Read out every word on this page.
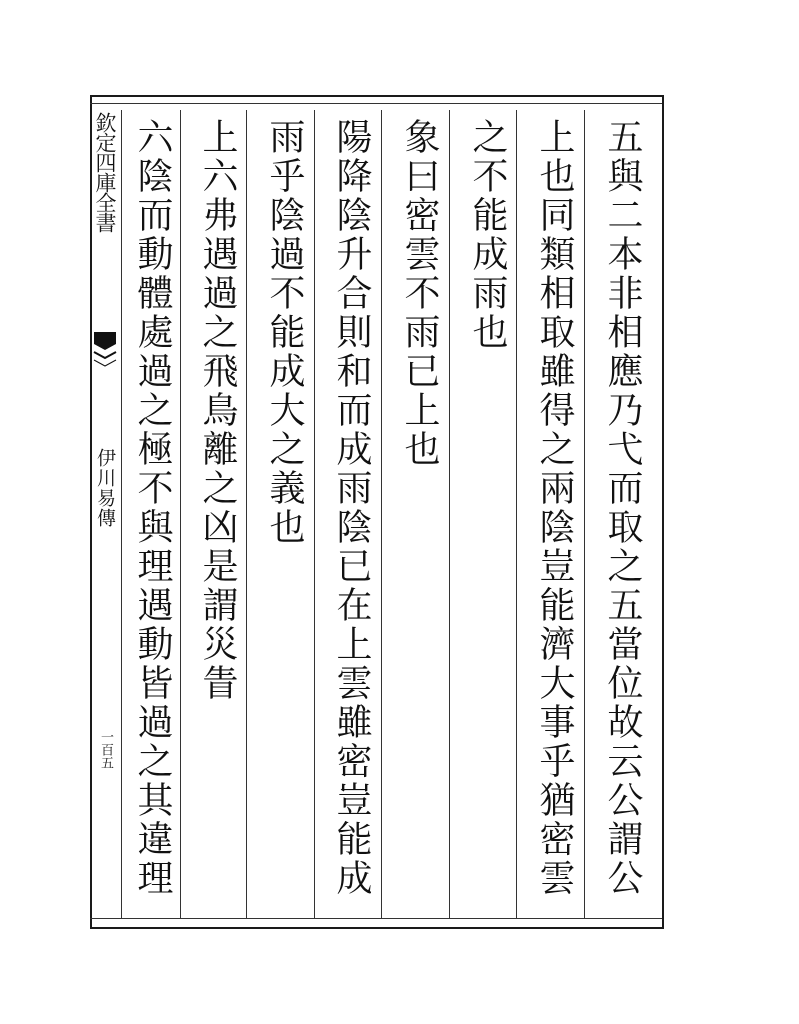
欽定四庫全書
伊川易傳
一百五	五與二本非相應乃弋而取之五當位故云公謂公
上也同類相取雖得之兩陰豈能濟大事乎猶密雲
之不能成雨也
象曰密雲不雨已上也
陽降陰升合則和而成雨陰已在上雲雖密豈能成
雨乎陰過不能成大之義也
上六弗遇過之飛鳥離之凶是謂災眚
六陰而動體處過之極不與理遇動皆過之其違理
